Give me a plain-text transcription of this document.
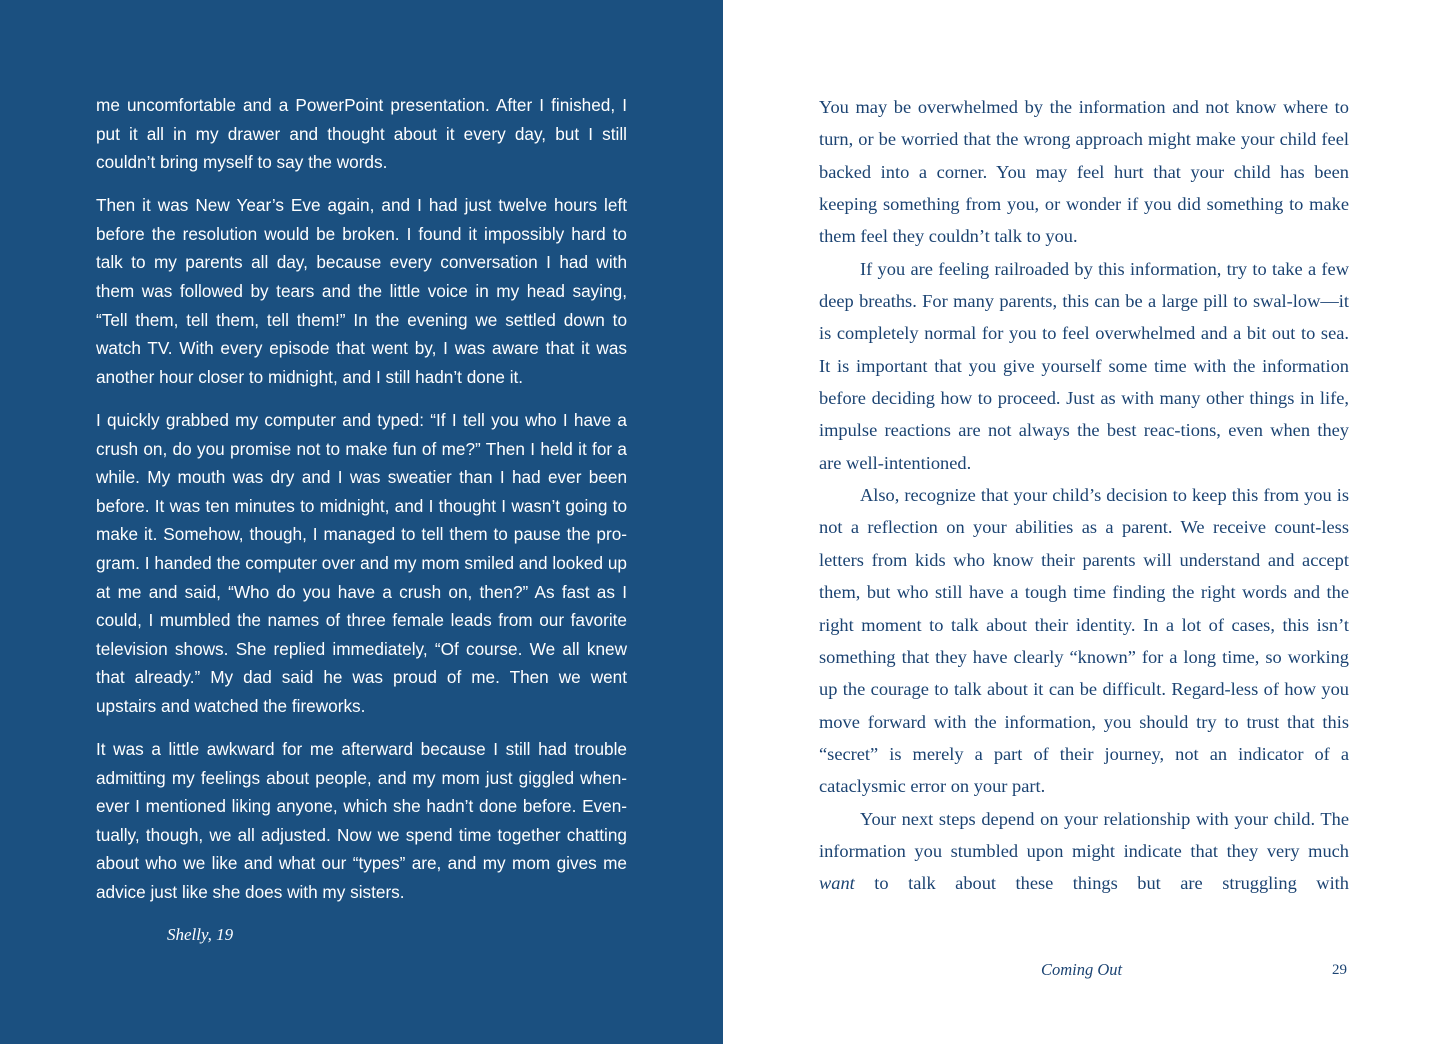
me uncomfortable and a PowerPoint presentation. After I finished, I put it all in my drawer and thought about it every day, but I still couldn’t bring myself to say the words.

Then it was New Year’s Eve again, and I had just twelve hours left before the resolution would be broken. I found it impossibly hard to talk to my parents all day, because every conversation I had with them was followed by tears and the little voice in my head saying, “Tell them, tell them, tell them!” In the evening we settled down to watch TV. With every episode that went by, I was aware that it was another hour closer to midnight, and I still hadn’t done it.

I quickly grabbed my computer and typed: “If I tell you who I have a crush on, do you promise not to make fun of me?” Then I held it for a while. My mouth was dry and I was sweatier than I had ever been before. It was ten minutes to midnight, and I thought I wasn’t going to make it. Somehow, though, I managed to tell them to pause the pro-gram. I handed the computer over and my mom smiled and looked up at me and said, “Who do you have a crush on, then?” As fast as I could, I mumbled the names of three female leads from our favorite television shows. She replied immediately, “Of course. We all knew that already.” My dad said he was proud of me. Then we went upstairs and watched the fireworks.

It was a little awkward for me afterward because I still had trouble admitting my feelings about people, and my mom just giggled when-ever I mentioned liking anyone, which she hadn’t done before. Even-tually, though, we all adjusted. Now we spend time together chatting about who we like and what our “types” are, and my mom gives me advice just like she does with my sisters.

Shelly, 19

You may be overwhelmed by the information and not know where to turn, or be worried that the wrong approach might make your child feel backed into a corner. You may feel hurt that your child has been keeping something from you, or wonder if you did something to make them feel they couldn’t talk to you.

If you are feeling railroaded by this information, try to take a few deep breaths. For many parents, this can be a large pill to swal-low—it is completely normal for you to feel overwhelmed and a bit out to sea. It is important that you give yourself some time with the information before deciding how to proceed. Just as with many other things in life, impulse reactions are not always the best reac-tions, even when they are well-intentioned.

Also, recognize that your child’s decision to keep this from you is not a reflection on your abilities as a parent. We receive count-less letters from kids who know their parents will understand and accept them, but who still have a tough time finding the right words and the right moment to talk about their identity. In a lot of cases, this isn’t something that they have clearly “known” for a long time, so working up the courage to talk about it can be difficult. Regard-less of how you move forward with the information, you should try to trust that this “secret” is merely a part of their journey, not an indicator of a cataclysmic error on your part.

Your next steps depend on your relationship with your child. The information you stumbled upon might indicate that they very much want to talk about these things but are struggling with

Coming Out	29
